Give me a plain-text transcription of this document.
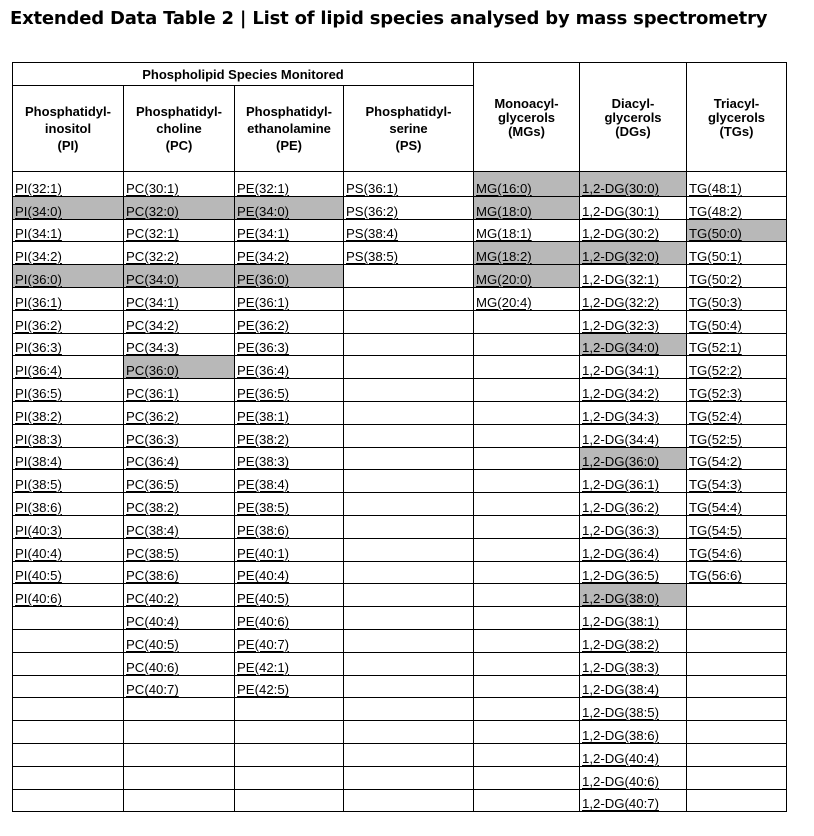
Extended Data Table 2 | List of lipid species analysed by mass spectrometry
Phospholipid Species Monitored				Monoacyl-
glycerols
(MGs)	Diacyl-
glycerols
(DGs)	Triacyl-
glycerols
(TGs)
Phosphatidyl-
inositol
(PI)	Phosphatidyl-
choline
(PC)	Phosphatidyl-
ethanolamine
(PE)	Phosphatidyl-
serine
(PS)			
PI(32:1)	PC(30:1)	PE(32:1)	PS(36:1)	MG(16:0)	1,2-DG(30:0)	TG(48:1)
PI(34:0)	PC(32:0)	PE(34:0)	PS(36:2)	MG(18:0)	1,2-DG(30:1)	TG(48:2)
PI(34:1)	PC(32:1)	PE(34:1)	PS(38:4)	MG(18:1)	1,2-DG(30:2)	TG(50:0)
PI(34:2)	PC(32:2)	PE(34:2)	PS(38:5)	MG(18:2)	1,2-DG(32:0)	TG(50:1)
PI(36:0)	PC(34:0)	PE(36:0)		MG(20:0)	1,2-DG(32:1)	TG(50:2)
PI(36:1)	PC(34:1)	PE(36:1)		MG(20:4)	1,2-DG(32:2)	TG(50:3)
PI(36:2)	PC(34:2)	PE(36:2)			1,2-DG(32:3)	TG(50:4)
PI(36:3)	PC(34:3)	PE(36:3)			1,2-DG(34:0)	TG(52:1)
PI(36:4)	PC(36:0)	PE(36:4)			1,2-DG(34:1)	TG(52:2)
PI(36:5)	PC(36:1)	PE(36:5)			1,2-DG(34:2)	TG(52:3)
PI(38:2)	PC(36:2)	PE(38:1)			1,2-DG(34:3)	TG(52:4)
PI(38:3)	PC(36:3)	PE(38:2)			1,2-DG(34:4)	TG(52:5)
PI(38:4)	PC(36:4)	PE(38:3)			1,2-DG(36:0)	TG(54:2)
PI(38:5)	PC(36:5)	PE(38:4)			1,2-DG(36:1)	TG(54:3)
PI(38:6)	PC(38:2)	PE(38:5)			1,2-DG(36:2)	TG(54:4)
PI(40:3)	PC(38:4)	PE(38:6)			1,2-DG(36:3)	TG(54:5)
PI(40:4)	PC(38:5)	PE(40:1)			1,2-DG(36:4)	TG(54:6)
PI(40:5)	PC(38:6)	PE(40:4)			1,2-DG(36:5)	TG(56:6)
PI(40:6)	PC(40:2)	PE(40:5)			1,2-DG(38:0)	
	PC(40:4)	PE(40:6)			1,2-DG(38:1)	
	PC(40:5)	PE(40:7)			1,2-DG(38:2)	
	PC(40:6)	PE(42:1)			1,2-DG(38:3)	
	PC(40:7)	PE(42:5)			1,2-DG(38:4)	
					1,2-DG(38:5)	
					1,2-DG(38:6)	
					1,2-DG(40:4)	
					1,2-DG(40:6)	
					1,2-DG(40:7)	
